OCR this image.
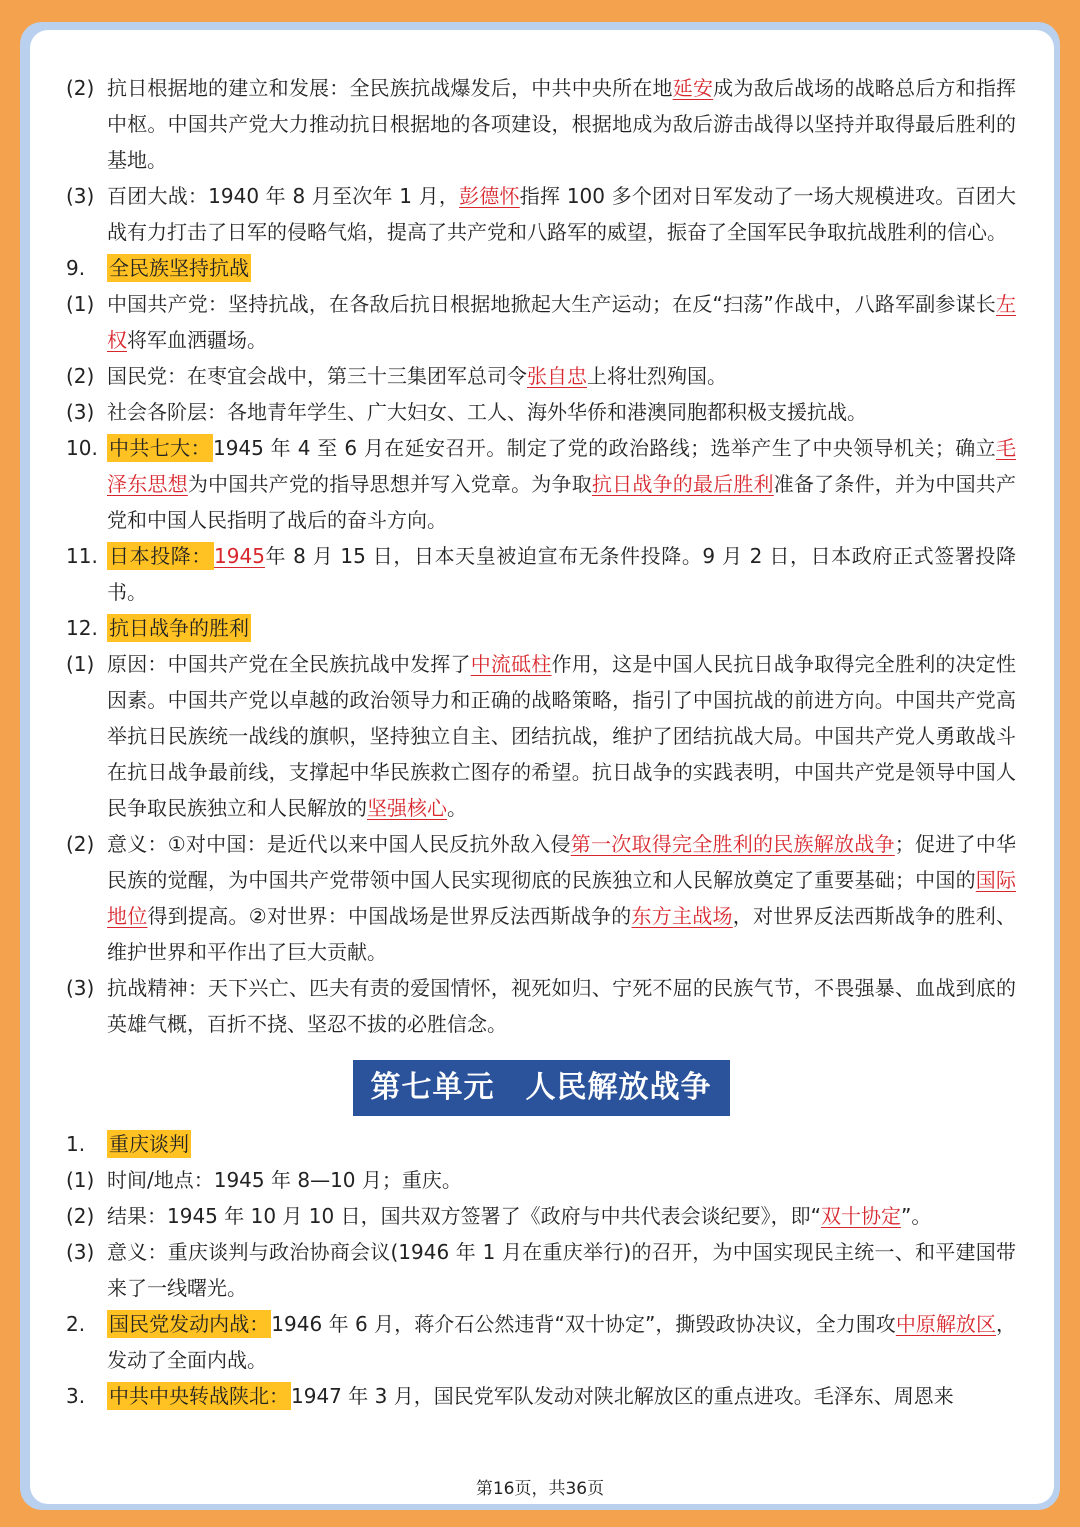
(2) 抗日根据地的建立和发展：全民族抗战爆发后，中共中央所在地延安成为敌后战场的战略总后方和指挥中枢。中国共产党大力推动抗日根据地的各项建设，根据地成为敌后游击战得以坚持并取得最后胜利的基地。
(3) 百团大战：1940 年 8 月至次年 1 月，彭德怀指挥 100 多个团对日军发动了一场大规模进攻。百团大战有力打击了日军的侵略气焰，提高了共产党和八路军的威望，振奋了全国军民争取抗战胜利的信心。
9.	全民族坚持抗战
(1) 中国共产党：坚持抗战，在各敌后抗日根据地掀起大生产运动；在反“扫荡”作战中，八路军副参谋长左权将军血洒疆场。
(2) 国民党：在枣宜会战中，第三十三集团军总司令张自忠上将壮烈殉国。
(3) 社会各阶层：各地青年学生、广大妇女、工人、海外华侨和港澳同胞都积极支援抗战。
10. 中共七大： 1945 年 4 至 6 月在延安召开。制定了党的政治路线；选举产生了中央领导机关；确立毛泽东思想为中国共产党的指导思想并写入党章。为争取抗日战争的最后胜利准备了条件，并为中国共产党和中国人民指明了战后的奋斗方向。
11. 日本投降： 1945年 8 月 15 日，日本天皇被迫宣布无条件投降。9 月 2 日，日本政府正式签署投降书。
12. 抗日战争的胜利
(1) 原因：中国共产党在全民族抗战中发挥了中流砥柱作用，这是中国人民抗日战争取得完全胜利的决定性因素。中国共产党以卓越的政治领导力和正确的战略策略，指引了中国抗战的前进方向。中国共产党高举抗日民族统一战线的旗帜，坚持独立自主、团结抗战，维护了团结抗战大局。中国共产党人勇敢战斗在抗日战争最前线，支撑起中华民族救亡图存的希望。抗日战争的实践表明，中国共产党是领导中国人民争取民族独立和人民解放的坚强核心。
(2) 意义：①对中国：是近代以来中国人民反抗外敌入侵第一次取得完全胜利的民族解放战争；促进了中华民族的觉醒，为中国共产党带领中国人民实现彻底的民族独立和人民解放奠定了重要基础；中国的国际地位得到提高。②对世界：中国战场是世界反法西斯战争的东方主战场，对世界反法西斯战争的胜利、维护世界和平作出了巨大贡献。
(3) 抗战精神：天下兴亡、匹夫有责的爱国情怀，视死如归、宁死不屈的民族气节，不畏强暴、血战到底的英雄气概，百折不挠、坚忍不拔的必胜信念。
第七单元　人民解放战争
1.	重庆谈判
(1) 时间/地点：1945 年 8—10 月；重庆。
(2) 结果：1945 年 10 月 10 日，国共双方签署了《政府与中共代表会谈纪要》，即“双十协定”。
(3) 意义：重庆谈判与政治协商会议(1946 年 1 月在重庆举行)的召开，为中国实现民主统一、和平建国带来了一线曙光。
2.	国民党发动内战： 1946 年 6 月，蒋介石公然违背“双十协定”，撕毁政协决议，全力围攻中原解放区，发动了全面内战。
3.	中共中央转战陕北： 1947 年 3 月，国民党军队发动对陕北解放区的重点进攻。毛泽东、周恩来
第16页，共36页
